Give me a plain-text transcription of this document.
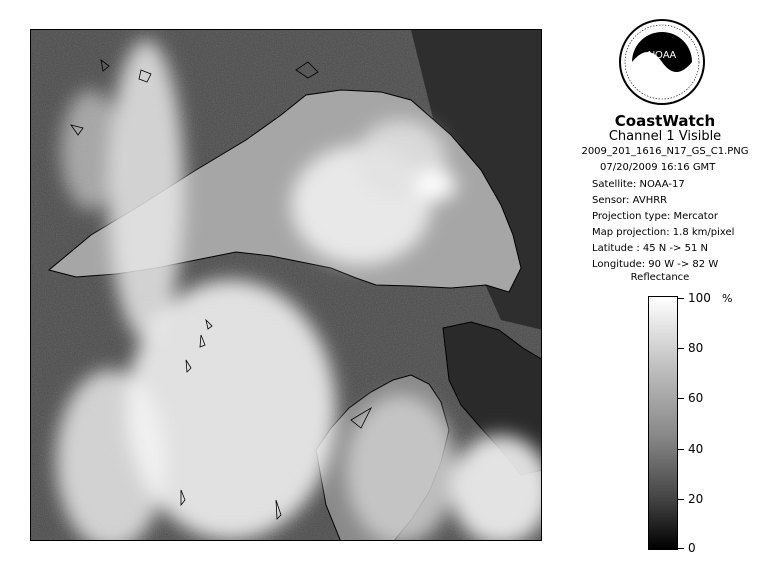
NOAA
CoastWatch
Channel 1 Visible
2009_201_1616_N17_GS_C1.PNG
07/20/2009 16:16 GMT
Satellite: NOAA-17
Sensor: AVHRR
Projection type: Mercator
Map projection: 1.8 km/pixel
Latitude : 45 N -> 51 N
Longitude: 90 W -> 82 W
Reflectance
%
100
80
60
40
20
0
